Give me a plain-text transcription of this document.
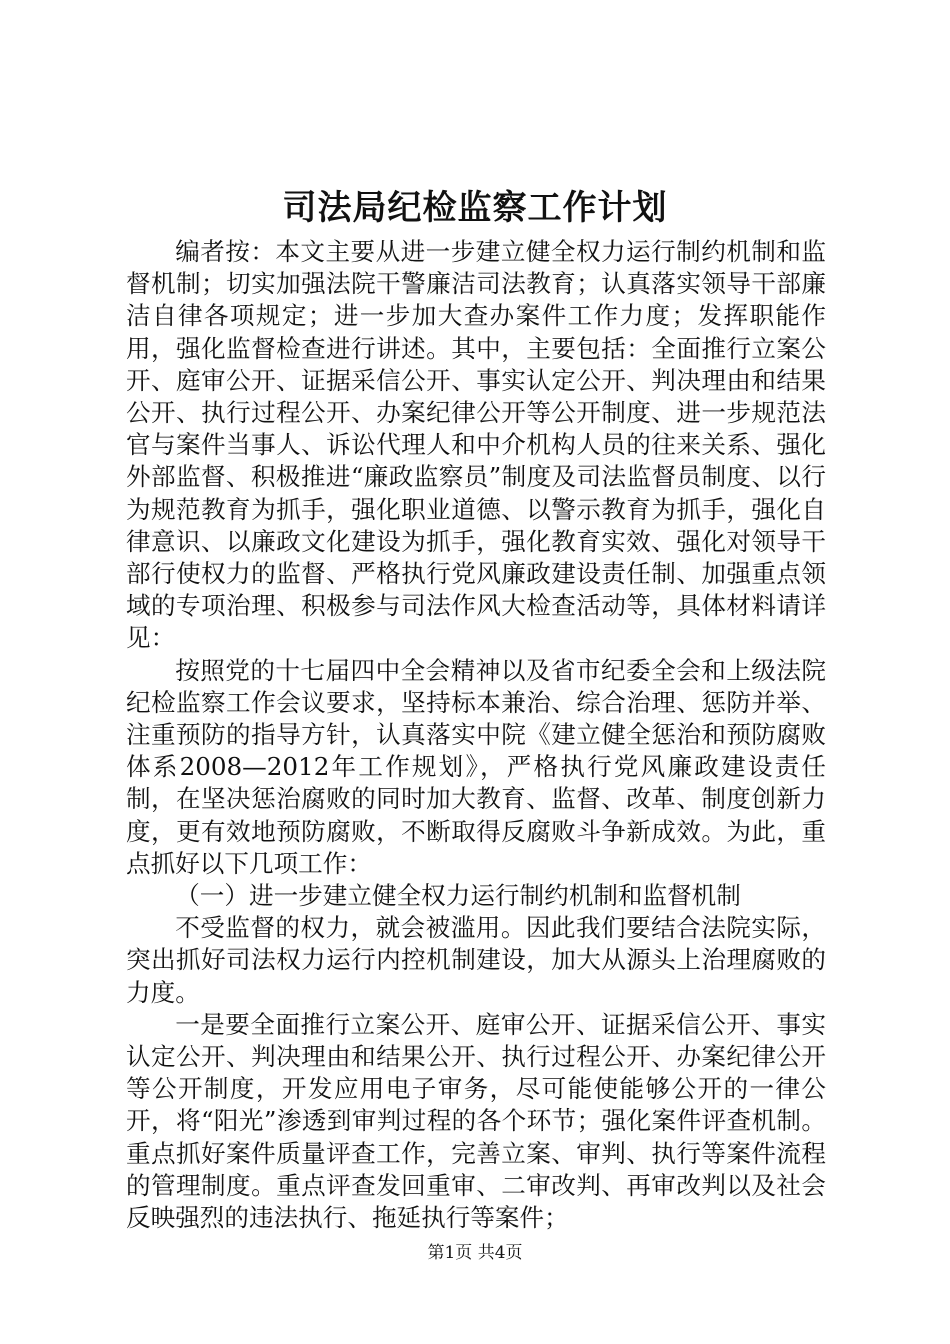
司法局纪检监察工作计划

编者按：本文主要从进一步建立健全权力运行制约机制和监督机制；切实加强法院干警廉洁司法教育；认真落实领导干部廉洁自律各项规定；进一步加大查办案件工作力度；发挥职能作用，强化监督检查进行讲述。其中，主要包括：全面推行立案公开、庭审公开、证据采信公开、事实认定公开、判决理由和结果公开、执行过程公开、办案纪律公开等公开制度、进一步规范法官与案件当事人、诉讼代理人和中介机构人员的往来关系、强化外部监督、积极推进“廉政监察员”制度及司法监督员制度、以行为规范教育为抓手，强化职业道德、以警示教育为抓手，强化自律意识、以廉政文化建设为抓手，强化教育实效、强化对领导干部行使权力的监督、严格执行党风廉政建设责任制、加强重点领域的专项治理、积极参与司法作风大检查活动等，具体材料请详见：

按照党的十七届四中全会精神以及省市纪委全会和上级法院纪检监察工作会议要求，坚持标本兼治、综合治理、惩防并举、注重预防的指导方针，认真落实中院《建立健全惩治和预防腐败体系2008—2012年工作规划》，严格执行党风廉政建设责任制，在坚决惩治腐败的同时加大教育、监督、改革、制度创新力度，更有效地预防腐败，不断取得反腐败斗争新成效。为此，重点抓好以下几项工作：

（一）进一步建立健全权力运行制约机制和监督机制

不受监督的权力，就会被滥用。因此我们要结合法院实际，突出抓好司法权力运行内控机制建设，加大从源头上治理腐败的力度。

一是要全面推行立案公开、庭审公开、证据采信公开、事实认定公开、判决理由和结果公开、执行过程公开、办案纪律公开等公开制度，开发应用电子审务，尽可能使能够公开的一律公开，将“阳光”渗透到审判过程的各个环节；强化案件评查机制。重点抓好案件质量评查工作，完善立案、审判、执行等案件流程的管理制度。重点评查发回重审、二审改判、再审改判以及社会反映强烈的违法执行、拖延执行等案件；

第1页 共4页
